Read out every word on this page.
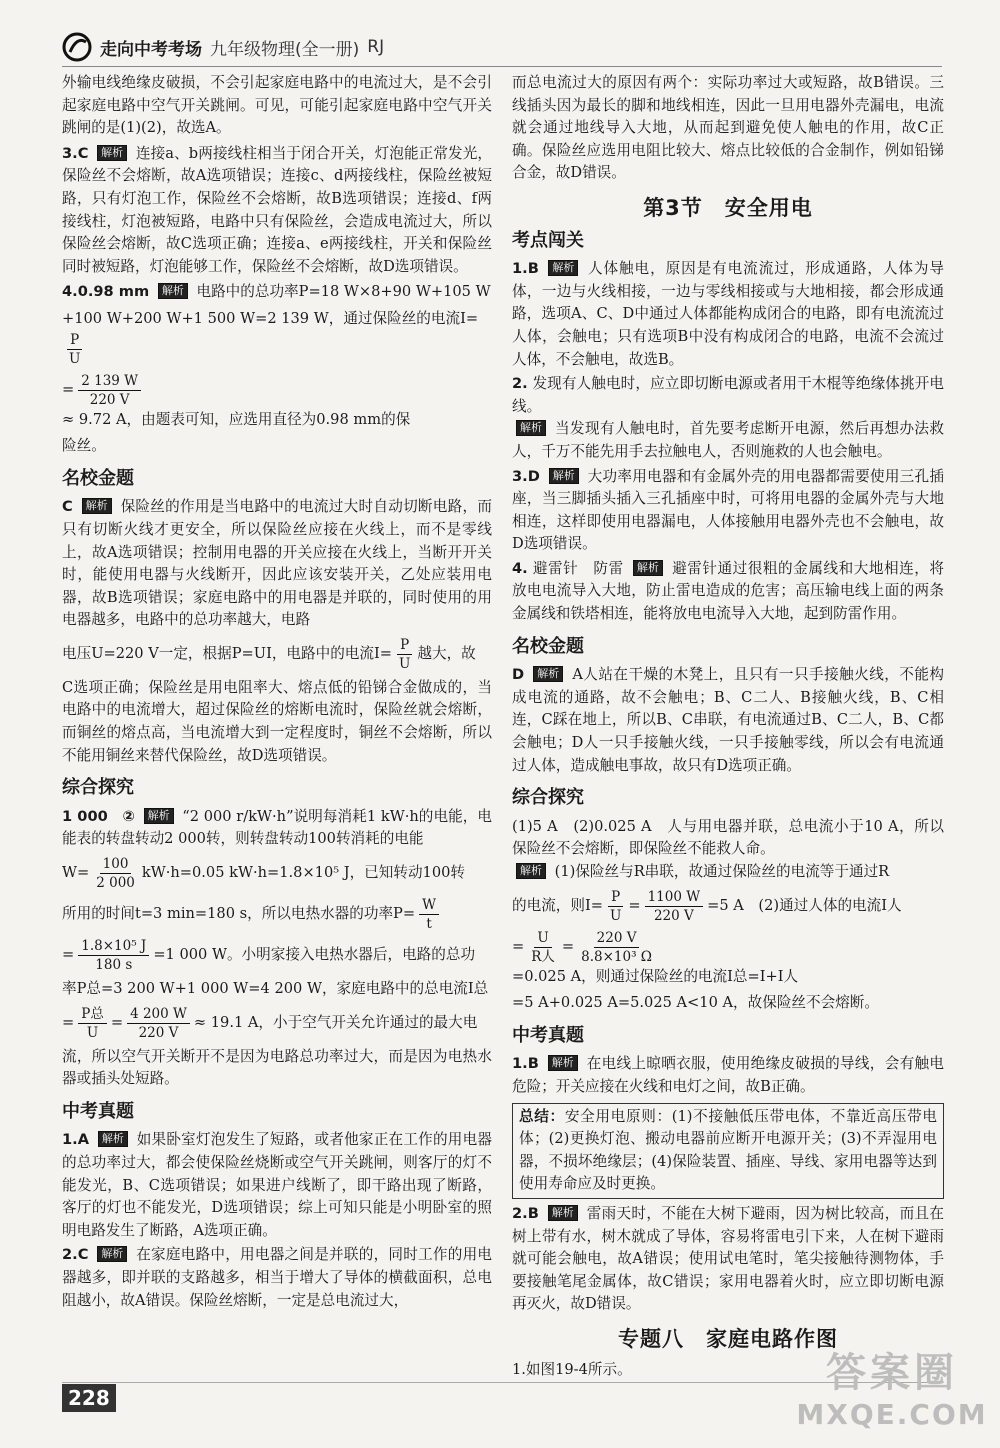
走向中考考场 九年级物理(全一册) RJ

外输电线绝缘皮破损，不会引起家庭电路中的电流过大，是不会引起家庭电路中空气开关跳闸。可见，可能引起家庭电路中空气开关跳闸的是(1)(2)，故选A。

3.C 解析 连接a、b两接线柱相当于闭合开关，灯泡能正常发光，保险丝不会熔断，故A选项错误；连接c、d两接线柱，保险丝被短路，只有灯泡工作，保险丝不会熔断，故B选项错误；连接d、f两接线柱，灯泡被短路，电路中只有保险丝，会造成电流过大，所以保险丝会熔断，故C选项正确；连接a、e两接线柱，开关和保险丝同时被短路，灯泡能够工作，保险丝不会熔断，故D选项错误。

4.0.98 mm 解析 电路中的总功率P=18 W×8+90 W+105 W
+100 W+200 W+1 500 W=2 139 W，通过保险丝的电流I=
$\frac{P}{U}$
= $\frac{2 139 W}{220 V}$
≈ 9.72 A，由题表可知，应选用直径为0.98 mm的保
险丝。
名校金题
C 解析 保险丝的作用是当电路中的电流过大时自动切断电路，而只有切断火线才更安全，所以保险丝应接在火线上，而不是零线上，故A选项错误；控制用电器的开关应接在火线上，当断开开关时，能使用电器与火线断开，因此应该安装开关，乙处应装用电器，故B选项错误；家庭电路中的用电器是并联的，同时使用的用电器越多，电路中的总功率越大，电路
电压U=220 V一定，根据P=UI，电路中的电流$I= \frac{P}{U}$ 越大，故
C选项正确；保险丝是用电阻率大、熔点低的铅锑合金做成的，当电路中的电流增大，超过保险丝的熔断电流时，保险丝就会熔断，而铜丝的熔点高，当电流增大到一定程度时，铜丝不会熔断，所以不能用铜丝来替代保险丝，故D选项错误。
综合探究
1 000　② 解析 “2 000 r/kW·h”说明每消耗1 kW·h的电能，电能表的转盘转动2 000转，则转盘转动100转消耗的电能
$W= \frac{100}{2 000} kW\cdot h=0.05$ kW·h=1.8×10⁵ J，已知转动100转
所用的时间t=3 min=180 s，所以电热水器的功率$P= \frac{W}{t}$
= $\frac{\text{1.8×10⁵ J}}{180 s} =1$ 000 W。小明家接入电热水器后，电路的总功
率P总=3 200 W+1 000 W=4 200 W，家庭电路中的总电流I总
= $\frac{\text{P总}}{U} = \frac{4 200 W}{220 V} \approx 19.1$ A，小于空气开关允许通过的最大电
流，所以空气开关断开不是因为电路总功率过大，而是因为电热水器或插头处短路。
中考真题

1.A 解析 如果卧室灯泡发生了短路，或者他家正在工作的用电器的总功率过大，都会使保险丝烧断或空气开关跳闸，则客厅的灯不能发光，B、C选项错误；如果进户线断了，即干路出现了断路，客厅的灯也不能发光，D选项错误；综上可知只能是小明卧室的照明电路发生了断路，A选项正确。

2.C 解析 在家庭电路中，用电器之间是并联的，同时工作的用电器越多，即并联的支路越多，相当于增大了导体的横截面积，总电阻越小，故A错误。保险丝熔断，一定是总电流过大，

而总电流过大的原因有两个：实际功率过大或短路，故B错误。三线插头因为最长的脚和地线相连，因此一旦用电器外壳漏电，电流就会通过地线导入大地，从而起到避免使人触电的作用，故C正确。保险丝应选用电阻比较大、熔点比较低的合金制作，例如铅锑合金，故D错误。

第3节　安全用电
考点闯关

1.B 解析 人体触电，原因是有电流流过，形成通路，人体为导体，一边与火线相接，一边与零线相接或与大地相接，都会形成通路，选项A、C、D中通过人体都能构成闭合的电路，即有电流流过人体，会触电；只有选项B中没有构成闭合的电路，电流不会流过人体，不会触电，故选B。

2. 发现有人触电时，应立即切断电源或者用干木棍等绝缘体挑开电线。
解析 当发现有人触电时，首先要考虑断开电源，然后再想办法救人，千万不能先用手去拉触电人，否则施救的人也会触电。

3.D 解析 大功率用电器和有金属外壳的用电器都需要使用三孔插座，当三脚插头插入三孔插座中时，可将用电器的金属外壳与大地相连，这样即使用电器漏电，人体接触用电器外壳也不会触电，故D选项错误。

4. 避雷针　防雷 解析 避雷针通过很粗的金属线和大地相连，将放电电流导入大地，防止雷电造成的危害；高压输电线上面的两条金属线和铁塔相连，能将放电电流导入大地，起到防雷作用。

名校金题

D 解析 A人站在干燥的木凳上，且只有一只手接触火线，不能构成电流的通路，故不会触电；B、C二人、B接触火线，B、C相连，C踩在地上，所以B、C串联，有电流通过B、C二人，B、C都会触电；D人一只手接触火线，一只手接触零线，所以会有电流通过人体，造成触电事故，故只有D选项正确。

综合探究
(1)5 A　(2)0.025 A　人与用电器并联，总电流小于10 A，所以保险丝不会熔断，即保险丝不能救人命。
解析 (1)保险丝与R串联，故通过保险丝的电流等于通过R
的电流，则$I= \frac{P}{U} = \frac{1100 W}{220 V} =5$ A　(2)通过人体的电流I人
= $\frac{U}{\text{R人}} = \frac{220 V}{\text{8.8×10³ Ω}}$
=0.025 A，则通过保险丝的电流I总=I+I人
=5 A+0.025 A=5.025 A<10 A，故保险丝不会熔断。
中考真题

1.B 解析 在电线上晾晒衣服，使用绝缘皮破损的导线，会有触电危险；开关应接在火线和电灯之间，故B正确。

总结：安全用电原则：(1)不接触低压带电体，不靠近高压带电体；(2)更换灯泡、搬动电器前应断开电源开关；(3)不弄湿用电器，不损坏绝缘层；(4)保险装置、插座、导线、家用电器等达到使用寿命应及时更换。

2.B 解析 雷雨天时，不能在大树下避雨，因为树比较高，而且在树上带有水，树木就成了导体，容易将雷电引下来，人在树下避雨就可能会触电，故A错误；使用试电笔时，笔尖接触待测物体，手要接触笔尾金属体，故C错误；家用电器着火时，应立即切断电源再灭火，故D错误。

专题八　家庭电路作图

1.如图19-4所示。

228
答案圈
MXQE.COM
